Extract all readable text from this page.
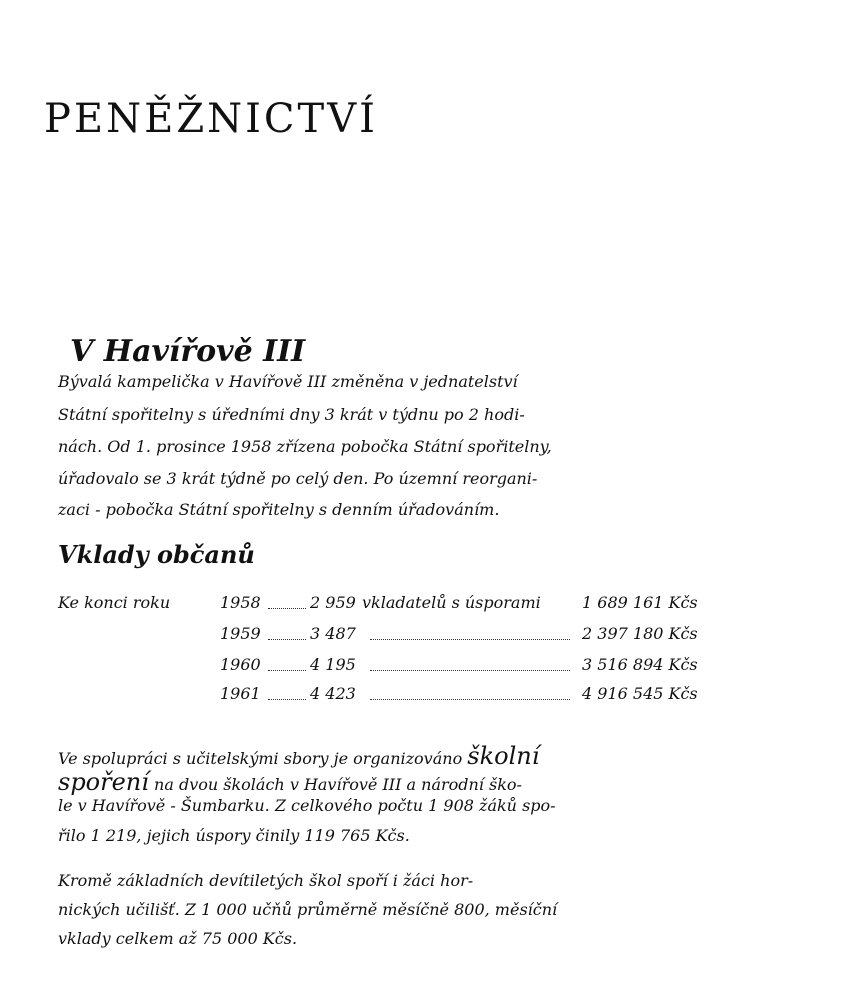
PENĚŽNICTVÍ
V Havířově III
Bývalá kampelička v Havířově III změněna v jednatelství
Státní spořitelny s úředními dny 3 krát v týdnu po 2 hodi-
nách. Od 1. prosince 1958 zřízena pobočka Státní spořitelny,
úřadovalo se 3 krát týdně po celý den. Po územní reorgani-
zaci - pobočka Státní spořitelny s denním úřadováním.
Vklady občanů
Ke konci roku	1958	2 959 vkladatelů s úsporami	1 689 161 Kčs
1959	3 487	2 397 180 Kčs
1960	4 195	3 516 894 Kčs
1961	4 423	4 916 545 Kčs
Ve spolupráci s učitelskými sbory je organizováno školní
spoření na dvou školách v Havířově III a národní ško-
le v Havířově - Šumbarku. Z celkového počtu 1 908 žáků spo-
řilo 1 219, jejich úspory činily 119 765 Kčs.
Kromě základních devítiletých škol spoří i žáci hor-
nických učilišť. Z 1 000 učňů průměrně měsíčně 800, měsíční
vklady celkem až 75 000 Kčs.
